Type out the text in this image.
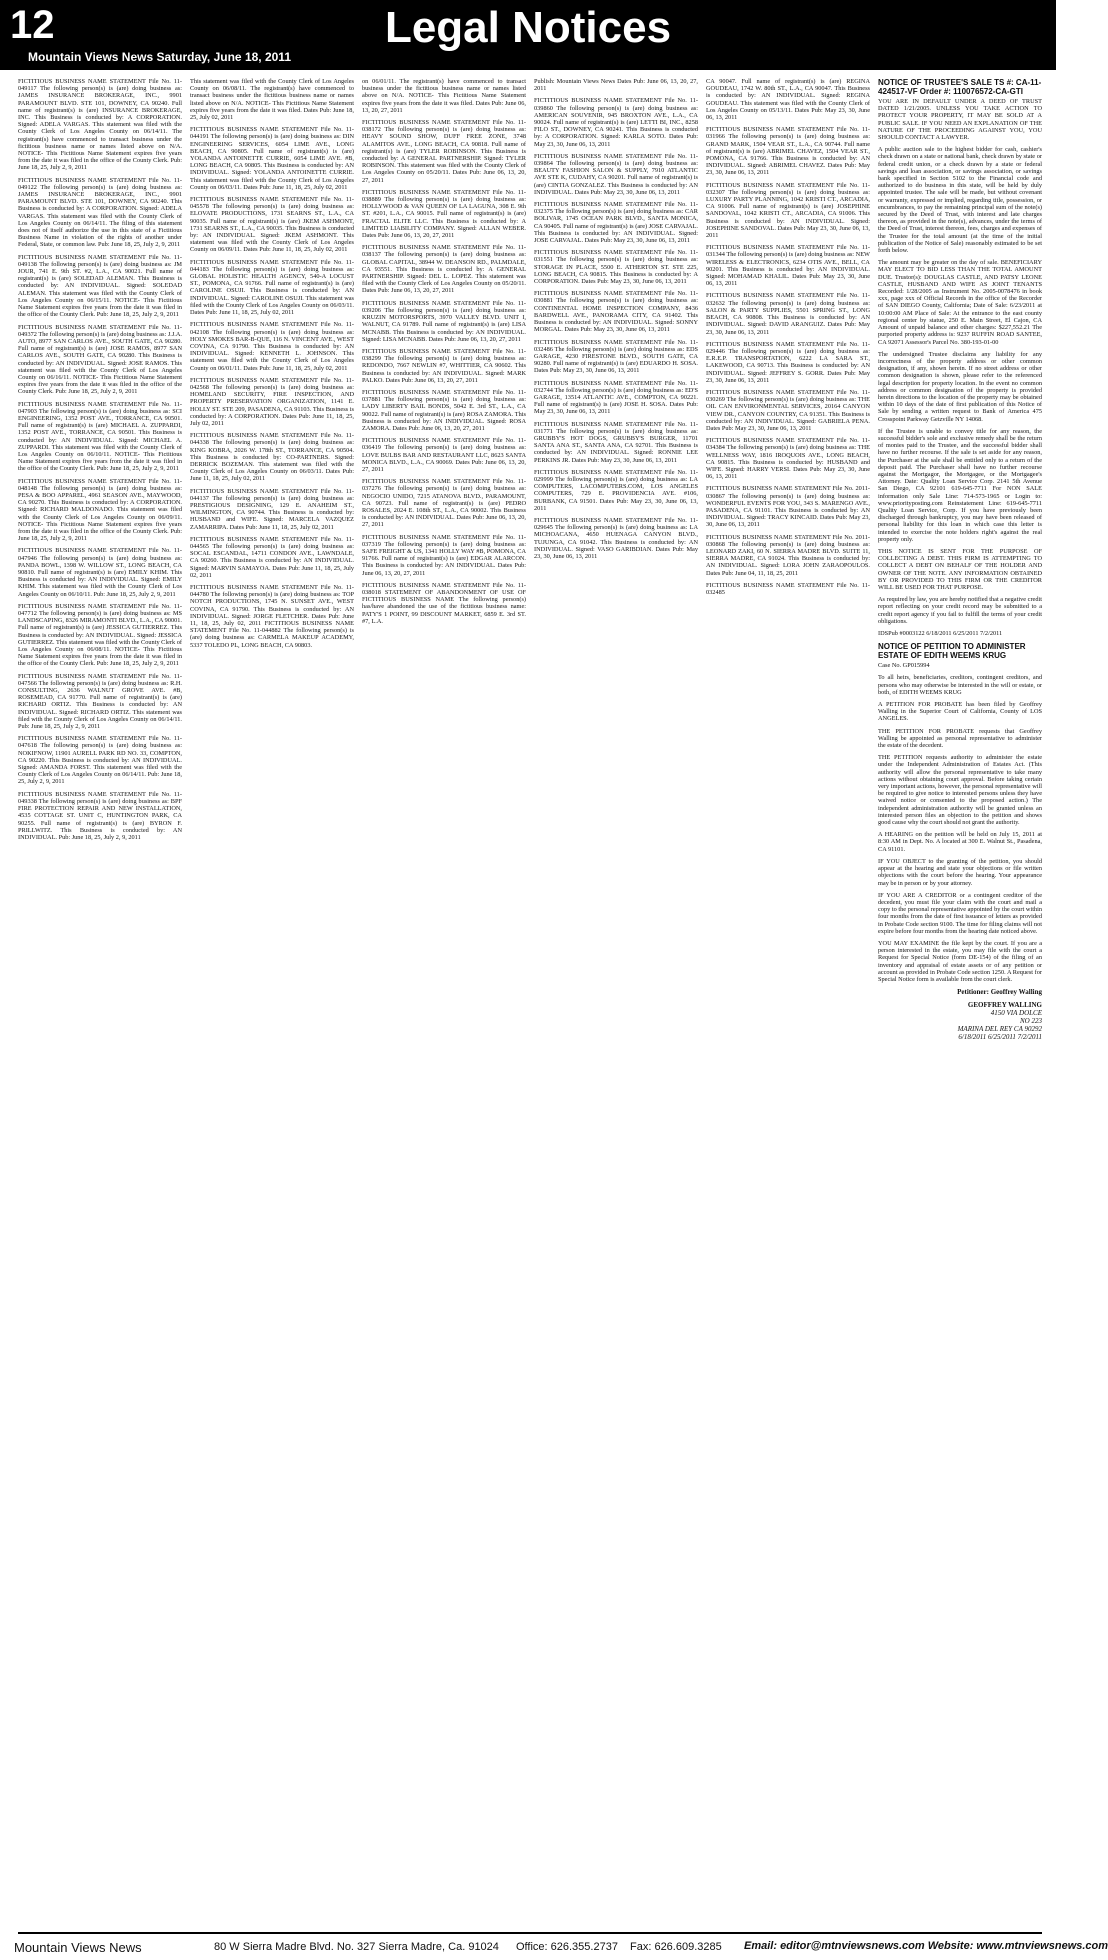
12	Legal Notices
Mountain Views News Saturday, June 18, 2011

FICTITIOUS BUSINESS NAME STATEMENT File No. 11-049117 The following person(s) is (are) doing business as: JAMES INSURANCE BROKERAGE, INC., 9901 PARAMOUNT BLVD. STE 101, DOWNEY, CA 90240. Full name of registrant(s) is (are) INSURANCE BROKERAGE, INC. This Business is conducted by: A CORPORATION. Signed: ADELA VARGAS. This statement was filed with the County Clerk of Los Angeles County on 06/14/11. The registrant(s) have commenced to transact business under the fictitious business name or names listed above on N/A. NOTICE- This Fictitious Name Statement expires five years from the date it was filed in the office of the County Clerk. Pub: June 18, 25, July 2, 9, 2011

FICTITIOUS BUSINESS NAME STATEMENT File No. 11-049122 The following person(s) is (are) doing business as: JAMES INSURANCE BROKERAGE, INC., 9901 PARAMOUNT BLVD. STE 101, DOWNEY, CA 90240. This Business is conducted by: A CORPORATION. Signed: ADELA VARGAS. This statement was filed with the County Clerk of Los Angeles County on 06/14/11. The filing of this statement does not of itself authorize the use in this state of a Fictitious Business Name in violation of the rights of another under Federal, State, or common law. Pub: June 18, 25, July 2, 9, 2011

FICTITIOUS BUSINESS NAME STATEMENT File No. 11-049138 The following person(s) is (are) doing business as: JM JOUR, 741 E. 9th ST. #2, L.A., CA 90021. Full name of registrant(s) is (are) SOLEDAD ALEMAN. This Business is conducted by: AN INDIVIDUAL. Signed: SOLEDAD ALEMAN. This statement was filed with the County Clerk of Los Angeles County on 06/15/11. NOTICE- This Fictitious Name Statement expires five years from the date it was filed in the office of the County Clerk. Pub: June 18, 25, July 2, 9, 2011

FICTITIOUS BUSINESS NAME STATEMENT File No. 11-049372 The following person(s) is (are) doing business as: J.J.A. AUTO, 8977 SAN CARLOS AVE., SOUTH GATE, CA 90280. Full name of registrant(s) is (are) JOSE RAMOS, 8977 SAN CARLOS AVE., SOUTH GATE, CA 90280. This Business is conducted by: AN INDIVIDUAL. Signed: JOSE RAMOS. This statement was filed with the County Clerk of Los Angeles County on 06/16/11. NOTICE- This Fictitious Name Statement expires five years from the date it was filed in the office of the County Clerk. Pub: June 18, 25, July 2, 9, 2011

FICTITIOUS BUSINESS NAME STATEMENT File No. 11-047903 The following person(s) is (are) doing business as: SCI ENGINEERING, 1352 POST AVE., TORRANCE, CA 90501. Full name of registrant(s) is (are) MICHAEL A. ZUPPARDI, 1352 POST AVE., TORRANCE, CA 90501. This Business is conducted by: AN INDIVIDUAL. Signed: MICHAEL A. ZUPPARDI. This statement was filed with the County Clerk of Los Angeles County on 06/10/11. NOTICE- This Fictitious Name Statement expires five years from the date it was filed in the office of the County Clerk. Pub: June 18, 25, July 2, 9, 2011

FICTITIOUS BUSINESS NAME STATEMENT File No. 11-048148 The following person(s) is (are) doing business as: PESA & BOO APPAREL, 4961 SEASON AVE., MAYWOOD, CA 90270. This Business is conducted by: A CORPORATION. Signed: RICHARD MALDONADO. This statement was filed with the County Clerk of Los Angeles County on 06/09/11. NOTICE- This Fictitious Name Statement expires five years from the date it was filed in the office of the County Clerk. Pub: June 18, 25, July 2, 9, 2011

FICTITIOUS BUSINESS NAME STATEMENT File No. 11-047946 The following person(s) is (are) doing business as: PANDA BOWL, 1398 W. WILLOW ST., LONG BEACH, CA 90810. Full name of registrant(s) is (are) EMILY KHIM. This Business is conducted by: AN INDIVIDUAL. Signed: EMILY KHIM. This statement was filed with the County Clerk of Los Angeles County on 06/10/11. Pub: June 18, 25, July 2, 9, 2011

FICTITIOUS BUSINESS NAME STATEMENT File No. 11-047712 The following person(s) is (are) doing business as: MS LANDSCAPING, 8326 MIRAMONTI BLVD., L.A., CA 90001. Full name of registrant(s) is (are) JESSICA GUTIERREZ. This Business is conducted by: AN INDIVIDUAL. Signed: JESSICA GUTIERREZ. This statement was filed with the County Clerk of Los Angeles County on 06/08/11. NOTICE- This Fictitious Name Statement expires five years from the date it was filed in the office of the County Clerk. Pub: June 18, 25, July 2, 9, 2011

FICTITIOUS BUSINESS NAME STATEMENT File No. 11-047566 The following person(s) is (are) doing business as: R.H. CONSULTING, 2636 WALNUT GROVE AVE. #B, ROSEMEAD, CA 91770. Full name of registrant(s) is (are) RICHARD ORTIZ. This Business is conducted by: AN INDIVIDUAL. Signed: RICHARD ORTIZ. This statement was filed with the County Clerk of Los Angeles County on 06/14/11. Pub: June 18, 25, July 2, 9, 2011

FICTITIOUS BUSINESS NAME STATEMENT File No. 11-047618 The following person(s) is (are) doing business as: NOKIFNOW, 11901 AURELL PARK RD NO. 33, COMPTON, CA 90220. This Business is conducted by: AN INDIVIDUAL. Signed: AMANDA FORST. This statement was filed with the County Clerk of Los Angeles County on 06/14/11. Pub: June 18, 25, July 2, 9, 2011

FICTITIOUS BUSINESS NAME STATEMENT File No. 11-049338 The following person(s) is (are) doing business as: BPF FIRE PROTECTION REPAIR AND NEW INSTALLATION, 4535 COTTAGE ST. UNIT C, HUNTINGTON PARK, CA 90255. Full name of registrant(s) is (are) BYRON F. PRILLWITZ. This Business is conducted by: AN INDIVIDUAL. Pub: June 18, 25, July 2, 9, 2011

This statement was filed with the County Clerk of Los Angeles County on 06/08/11. The registrant(s) have commenced to transact business under the fictitious business name or names listed above on N/A. NOTICE- This Fictitious Name Statement expires five years from the date it was filed. Dates Pub: June 18, 25, July 02, 2011

FICTITIOUS BUSINESS NAME STATEMENT File No. 11-044191 The following person(s) is (are) doing business as: DIN ENGINEERING SERVICES, 6054 LIME AVE., LONG BEACH, CA 90805. Full name of registrant(s) is (are) YOLANDA ANTOINETTE CURRIE, 6054 LIME AVE. #B, LONG BEACH, CA 90805. This Business is conducted by: AN INDIVIDUAL. Signed: YOLANDA ANTOINETTE CURRIE. This statement was filed with the County Clerk of Los Angeles County on 06/03/11. Dates Pub: June 11, 18, 25, July 02, 2011

FICTITIOUS BUSINESS NAME STATEMENT File No. 11-045578 The following person(s) is (are) doing business as: ELOVATE PRODUCTIONS, 1731 SEARNS ST., L.A., CA 90035. Full name of registrant(s) is (are) JKEM ASHMONT, 1731 SEARNS ST., L.A., CA 90035. This Business is conducted by: AN INDIVIDUAL. Signed: JKEM ASHMONT. This statement was filed with the County Clerk of Los Angeles County on 06/09/11. Dates Pub: June 11, 18, 25, July 02, 2011

FICTITIOUS BUSINESS NAME STATEMENT File No. 11-044183 The following person(s) is (are) doing business as: GLOBAL HOLISTIC HEALTH AGENCY, 540-A LOCUST ST., POMONA, CA 91766. Full name of registrant(s) is (are) CAROLINE OSUJI. This Business is conducted by: AN INDIVIDUAL. Signed: CAROLINE OSUJI. This statement was filed with the County Clerk of Los Angeles County on 06/03/11. Dates Pub: June 11, 18, 25, July 02, 2011

FICTITIOUS BUSINESS NAME STATEMENT File No. 11-042108 The following person(s) is (are) doing business as: HOLY SMOKES BAR-B-QUE, 116 N. VINCENT AVE., WEST COVINA, CA 91790. This Business is conducted by: AN INDIVIDUAL. Signed: KENNETH L. JOHNSON. This statement was filed with the County Clerk of Los Angeles County on 06/01/11. Dates Pub: June 11, 18, 25, July 02, 2011

FICTITIOUS BUSINESS NAME STATEMENT File No. 11-042568 The following person(s) is (are) doing business as: HOMELAND SECURITY, FIRE INSPECTION, AND PROPERTY PRESERVATION ORGANIZATION, 1141 E. HOLLY ST. STE 209, PASADENA, CA 91103. This Business is conducted by: A CORPORATION. Dates Pub: June 11, 18, 25, July 02, 2011

FICTITIOUS BUSINESS NAME STATEMENT File No. 11-044338 The following person(s) is (are) doing business as: KING KOBRA, 2026 W. 178th ST., TORRANCE, CA 90504. This Business is conducted by: CO-PARTNERS. Signed: DERRICK BOZEMAN. This statement was filed with the County Clerk of Los Angeles County on 06/03/11. Dates Pub: June 11, 18, 25, July 02, 2011

FICTITIOUS BUSINESS NAME STATEMENT File No. 11-044137 The following person(s) is (are) doing business as: PRESTIGIOUS DESIGNING, 129 E. ANAHEIM ST., WILMINGTON, CA 90744. This Business is conducted by: HUSBAND and WIFE. Signed: MARCELA VAZQUEZ ZAMARRIPA. Dates Pub: June 11, 18, 25, July 02, 2011

FICTITIOUS BUSINESS NAME STATEMENT File No. 11-044565 The following person(s) is (are) doing business as: SOCAL ESCANDAL, 14711 CONDON AVE., LAWNDALE, CA 90260. This Business is conducted by: AN INDIVIDUAL. Signed: MARVIN SAMAYOA. Dates Pub: June 11, 18, 25, July 02, 2011

FICTITIOUS BUSINESS NAME STATEMENT File No. 11-044780 The following person(s) is (are) doing business as: TOP NOTCH PRODUCTIONS, 1745 N. SUNSET AVE., WEST COVINA, CA 91790. This Business is conducted by: AN INDIVIDUAL. Signed: JORGE FLETCHER. Dates Pub: June 11, 18, 25, July 02, 2011 FICTITIOUS BUSINESS NAME STATEMENT File No. 11-044882 The following person(s) is (are) doing business as: CARMELA MAKEUP ACADEMY, 5337 TOLEDO PL, LONG BEACH, CA 90803.

on 06/01/11. The registrant(s) have commenced to transact business under the fictitious business name or names listed above on N/A. NOTICE- This Fictitious Name Statement expires five years from the date it was filed. Dates Pub: June 06, 13, 20, 27, 2011

FICTITIOUS BUSINESS NAME STATEMENT File No. 11-038172 The following person(s) is (are) doing business as: HEAVY SOUND SHOW, DUFF FREE ZONE, 3748 ALAMITOS AVE., LONG BEACH, CA 90818. Full name of registrant(s) is (are) TYLER ROBINSON. This Business is conducted by: A GENERAL PARTNERSHIP. Signed: TYLER ROBINSON. This statement was filed with the County Clerk of Los Angeles County on 05/20/11. Dates Pub: June 06, 13, 20, 27, 2011

FICTITIOUS BUSINESS NAME STATEMENT File No. 11-038889 The following person(s) is (are) doing business as: HOLLYWOOD & VAN QUEEN OF LA LAGUNA, 308 E. 9th ST. #201, L.A., CA 90015. Full name of registrant(s) is (are) FRACTAL ELITE LLC. This Business is conducted by: A LIMITED LIABILITY COMPANY. Signed: ALLAN WEBER. Dates Pub: June 06, 13, 20, 27, 2011

FICTITIOUS BUSINESS NAME STATEMENT File No. 11-038137 The following person(s) is (are) doing business as: GLOBAL CAPITAL, 38944 W. DEANSON RD., PALMDALE, CA 93551. This Business is conducted by: A GENERAL PARTNERSHIP. Signed: DEL L. LOPEZ. This statement was filed with the County Clerk of Los Angeles County on 05/20/11. Dates Pub: June 06, 13, 20, 27, 2011

FICTITIOUS BUSINESS NAME STATEMENT File No. 11-039206 The following person(s) is (are) doing business as: KRUZIN MOTORSPORTS, 3970 VALLEY BLVD. UNIT I, WALNUT, CA 91789. Full name of registrant(s) is (are) LISA MCNABB. This Business is conducted by: AN INDIVIDUAL. Signed: LISA MCNABB. Dates Pub: June 06, 13, 20, 27, 2011

FICTITIOUS BUSINESS NAME STATEMENT File No. 11-038299 The following person(s) is (are) doing business as: REDONDO, 7667 NEWLIN #7, WHITTIER, CA 90602. This Business is conducted by: AN INDIVIDUAL. Signed: MARK PALKO. Dates Pub: June 06, 13, 20, 27, 2011

FICTITIOUS BUSINESS NAME STATEMENT File No. 11-037881 The following person(s) is (are) doing business as: LADY LIBERTY BAIL BONDS, 5042 E. 3rd ST., L.A., CA 90022. Full name of registrant(s) is (are) ROSA ZAMORA. This Business is conducted by: AN INDIVIDUAL. Signed: ROSA ZAMORA. Dates Pub: June 06, 13, 20, 27, 2011

FICTITIOUS BUSINESS NAME STATEMENT File No. 11-036419 The following person(s) is (are) doing business as: LOVE BULBS BAR AND RESTAURANT LLC, 8623 SANTA MONICA BLVD., L.A., CA 90069. Dates Pub: June 06, 13, 20, 27, 2011

FICTITIOUS BUSINESS NAME STATEMENT File No. 11-037276 The following person(s) is (are) doing business as: NEGOCIO UNIDO, 7215 ATANOVA BLVD., PARAMOUNT, CA 90723. Full name of registrant(s) is (are) PEDRO ROSALES, 2024 E. 108th ST., L.A., CA 90002. This Business is conducted by: AN INDIVIDUAL. Dates Pub: June 06, 13, 20, 27, 2011

FICTITIOUS BUSINESS NAME STATEMENT File No. 11-037319 The following person(s) is (are) doing business as: SAFE FREIGHT & US, 1341 HOLLY WAY #B, POMONA, CA 91766. Full name of registrant(s) is (are) EDGAR ALARCON. This Business is conducted by: AN INDIVIDUAL. Dates Pub: June 06, 13, 20, 27, 2011

FICTITIOUS BUSINESS NAME STATEMENT File No. 11-038018 STATEMENT OF ABANDONMENT OF USE OF FICTITIOUS BUSINESS NAME The following person(s) has/have abandoned the use of the fictitious business name: PATY'S 1 POINT, 99 DISCOUNT MARKET, 6859 E. 3rd ST. #7, L.A.

Publish: Mountain Views News Dates Pub: June 06, 13, 20, 27, 2011

FICTITIOUS BUSINESS NAME STATEMENT File No. 11-039860 The following person(s) is (are) doing business as: AMERICAN SOUVENIR, 945 BROXTON AVE., L.A., CA 90024. Full name of registrant(s) is (are) LETTI BI, INC., 8258 FILO ST., DOWNEY, CA 90241. This Business is conducted by: A CORPORATION. Signed: KARLA SOTO. Dates Pub: May 23, 30, June 06, 13, 2011

FICTITIOUS BUSINESS NAME STATEMENT File No. 11-039864 The following person(s) is (are) doing business as: BEAUTY FASHION SALON & SUPPLY, 7910 ATLANTIC AVE STE K, CUDAHY, CA 90201. Full name of registrant(s) is (are) CINTIA GONZALEZ. This Business is conducted by: AN INDIVIDUAL. Dates Pub: May 23, 30, June 06, 13, 2011

FICTITIOUS BUSINESS NAME STATEMENT File No. 11-032375 The following person(s) is (are) doing business as: CAR BOLIVAR, 1745 OCEAN PARK BLVD., SANTA MONICA, CA 90405. Full name of registrant(s) is (are) JOSE CARVAJAL. This Business is conducted by: AN INDIVIDUAL. Signed: JOSE CARVAJAL. Dates Pub: May 23, 30, June 06, 13, 2011

FICTITIOUS BUSINESS NAME STATEMENT File No. 11-031551 The following person(s) is (are) doing business as: STORAGE IN PLACE, 5500 E. ATHERTON ST. STE 225, LONG BEACH, CA 90815. This Business is conducted by: A CORPORATION. Dates Pub: May 23, 30, June 06, 13, 2011

FICTITIOUS BUSINESS NAME STATEMENT File No. 11-030881 The following person(s) is (are) doing business as: CONTINENTAL HOME INSPECTION COMPANY, 8436 BARDWELL AVE., PANORAMA CITY, CA 91402. This Business is conducted by: AN INDIVIDUAL. Signed: SONNY MORGAL. Dates Pub: May 23, 30, June 06, 13, 2011

FICTITIOUS BUSINESS NAME STATEMENT File No. 11-032486 The following person(s) is (are) doing business as: EDS GARAGE, 4230 FIRESTONE BLVD., SOUTH GATE, CA 90280. Full name of registrant(s) is (are) EDUARDO H. SOSA. Dates Pub: May 23, 30, June 06, 13, 2011

FICTITIOUS BUSINESS NAME STATEMENT File No. 11-032744 The following person(s) is (are) doing business as: ED'S GARAGE, 13514 ATLANTIC AVE., COMPTON, CA 90221. Full name of registrant(s) is (are) JOSE H. SOSA. Dates Pub: May 23, 30, June 06, 13, 2011

FICTITIOUS BUSINESS NAME STATEMENT File No. 11-031771 The following person(s) is (are) doing business as: GRUBBY'S HOT DOGS, GRUBBY'S BURGER, 11701 SANTA ANA ST., SANTA ANA, CA 92701. This Business is conducted by: AN INDIVIDUAL. Signed: RONNIE LEE PERKINS JR. Dates Pub: May 23, 30, June 06, 13, 2011

FICTITIOUS BUSINESS NAME STATEMENT File No. 11-029999 The following person(s) is (are) doing business as: LA COMPUTERS, LACOMPUTERS.COM, LOS ANGELES COMPUTERS, 729 E. PROVIDENCIA AVE. #106, BURBANK, CA 91501. Dates Pub: May 23, 30, June 06, 13, 2011

FICTITIOUS BUSINESS NAME STATEMENT File No. 11-029645 The following person(s) is (are) doing business as: LA MICHOACANA, 4650 HUENAGA CANYON BLVD., TUJUNGA, CA 91042. This Business is conducted by: AN INDIVIDUAL. Signed: VASO GARIBDIAN. Dates Pub: May 23, 30, June 06, 13, 2011

CA 90047. Full name of registrant(s) is (are) REGINA GOUDEAU, 1742 W. 80th ST., L.A., CA 90047. This Business is conducted by: AN INDIVIDUAL. Signed: REGINA GOUDEAU. This statement was filed with the County Clerk of Los Angeles County on 05/13/11. Dates Pub: May 23, 30, June 06, 13, 2011

FICTITIOUS BUSINESS NAME STATEMENT File No. 11-031966 The following person(s) is (are) doing business as: GRAND MARK, 1504 VEAR ST., L.A., CA 90744. Full name of registrant(s) is (are) ABRIMEL CHAVEZ, 1504 VEAR ST., POMONA, CA 91766. This Business is conducted by: AN INDIVIDUAL. Signed: ABRIMEL CHAVEZ. Dates Pub: May 23, 30, June 06, 13, 2011

FICTITIOUS BUSINESS NAME STATEMENT File No. 11-032307 The following person(s) is (are) doing business as: LUXURY PARTY PLANNING, 1042 KRISTI CT., ARCADIA, CA 91006. Full name of registrant(s) is (are) JOSEPHINE SANDOVAL, 1042 KRISTI CT., ARCADIA, CA 91006. This Business is conducted by: AN INDIVIDUAL. Signed: JOSEPHINE SANDOVAL. Dates Pub: May 23, 30, June 06, 13, 2011

FICTITIOUS BUSINESS NAME STATEMENT File No. 11-031344 The following person(s) is (are) doing business as: NEW WIRELESS & ELECTRONICS, 6234 OTIS AVE., BELL, CA 90201. This Business is conducted by: AN INDIVIDUAL. Signed: MOHAMAD KHALIL. Dates Pub: May 23, 30, June 06, 13, 2011

FICTITIOUS BUSINESS NAME STATEMENT File No. 11-032632 The following person(s) is (are) doing business as: SALON & PARTY SUPPLIES, 5501 SPRING ST., LONG BEACH, CA 90808. This Business is conducted by: AN INDIVIDUAL. Signed: DAVID ARANGUIZ. Dates Pub: May 23, 30, June 06, 13, 2011

FICTITIOUS BUSINESS NAME STATEMENT File No. 11-029446 The following person(s) is (are) doing business as: E.R.E.P. TRANSPORTATION, 6222 LA SARA ST., LAKEWOOD, CA 90713. This Business is conducted by: AN INDIVIDUAL. Signed: JEFFREY S. GORR. Dates Pub: May 23, 30, June 06, 13, 2011

FICTITIOUS BUSINESS NAME STATEMENT File No. 11-030269 The following person(s) is (are) doing business as: THE OIL CAN ENVIRONMENTAL SERVICES, 20164 CANYON VIEW DR., CANYON COUNTRY, CA 91351. This Business is conducted by: AN INDIVIDUAL. Signed: GABRIELA PENA. Dates Pub: May 23, 30, June 06, 13, 2011

FICTITIOUS BUSINESS NAME STATEMENT File No. 11-034384 The following person(s) is (are) doing business as: THE WELLNESS WAY, 1816 IROQUOIS AVE., LONG BEACH, CA 90815. This Business is conducted by: HUSBAND and WIFE. Signed: HARRY VERSI. Dates Pub: May 23, 30, June 06, 13, 2011

FICTITIOUS BUSINESS NAME STATEMENT File No. 2011-030867 The following person(s) is (are) doing business as: WONDERFUL EVENTS FOR YOU, 343 S. MARENGO AVE., PASADENA, CA 91101. This Business is conducted by: AN INDIVIDUAL. Signed: TRACY KINCAID. Dates Pub: May 23, 30, June 06, 13, 2011

FICTITIOUS BUSINESS NAME STATEMENT File No. 2011-030868 The following person(s) is (are) doing business as: LEONARD ZAKI, 60 N. SIERRA MADRE BLVD. SUITE 11, SIERRA MADRE, CA 91024. This Business is conducted by: AN INDIVIDUAL. Signed: LORA JOHN ZARAOPOULOS. Dates Pub: June 04, 11, 18, 25, 2011

FICTITIOUS BUSINESS NAME STATEMENT File No. 11-032485

NOTICE OF TRUSTEE'S SALE TS #: CA-11-424517-VF Order #: 110076572-CA-GTI

YOU ARE IN DEFAULT UNDER A DEED OF TRUST DATED 1/21/2005. UNLESS YOU TAKE ACTION TO PROTECT YOUR PROPERTY, IT MAY BE SOLD AT A PUBLIC SALE. IF YOU NEED AN EXPLANATION OF THE NATURE OF THE PROCEEDING AGAINST YOU, YOU SHOULD CONTACT A LAWYER.

A public auction sale to the highest bidder for cash, cashier's check drawn on a state or national bank, check drawn by state or federal credit union, or a check drawn by a state or federal savings and loan association, or savings association, or savings bank specified in Section 5102 to the Financial code and authorized to do business in this state, will be held by duly appointed trustee. The sale will be made, but without covenant or warranty, expressed or implied, regarding title, possession, or encumbrances, to pay the remaining principal sum of the note(s) secured by the Deed of Trust, with interest and late charges thereon, as provided in the note(s), advances, under the terms of the Deed of Trust, interest thereon, fees, charges and expenses of the Trustee for the total amount (at the time of the initial publication of the Notice of Sale) reasonably estimated to be set forth below.

The amount may be greater on the day of sale. BENEFICIARY MAY ELECT TO BID LESS THAN THE TOTAL AMOUNT DUE. Trustor(s): DOUGLAS CASTLE, AND PATSY LEONE CASTLE, HUSBAND AND WIFE AS JOINT TENANTS Recorded: 1/28/2005 as Instrument No. 2005-0078476 in book xxx, page xxx of Official Records in the office of the Recorder of SAN DIEGO County, California; Date of Sale: 6/23/2011 at 10:00:00 AM Place of Sale: At the entrance to the east county regional center by statue, 250 E. Main Street, El Cajon, CA Amount of unpaid balance and other charges: $227,552.21 The purported property address is: 9237 RUFFIN ROAD SANTEE, CA 92071 Assessor's Parcel No. 380-193-01-00

The undersigned Trustee disclaims any liability for any incorrectness of the property address or other common designation, if any, shown herein. If no street address or other common designation is shown, please refer to the referenced legal description for property location. In the event no common address or common designation of the property is provided herein directions to the location of the property may be obtained within 10 days of the date of first publication of this Notice of Sale by sending a written request to Bank of America 475 Crosspoint Parkway Getzville NY 14068.

If the Trustee is unable to convey title for any reason, the successful bidder's sole and exclusive remedy shall be the return of monies paid to the Trustee, and the successful bidder shall have no further recourse. If the sale is set aside for any reason, the Purchaser at the sale shall be entitled only to a return of the deposit paid. The Purchaser shall have no further recourse against the Mortgagor, the Mortgagee, or the Mortgagee's Attorney. Date: Quality Loan Service Corp. 2141 5th Avenue San Diego, CA 92101 619-645-7711 For NON SALE information only Sale Line: 714-573-1965 or Login to: www.priorityposting.com Reinstatement Line: 619-645-7711 Quality Loan Service, Corp. If you have previously been discharged through bankruptcy, you may have been released of personal liability for this loan in which case this letter is intended to exercise the note holders right's against the real property only.

THIS NOTICE IS SENT FOR THE PURPOSE OF COLLECTING A DEBT. THIS FIRM IS ATTEMPTING TO COLLECT A DEBT ON BEHALF OF THE HOLDER AND OWNER OF THE NOTE. ANY INFORMATION OBTAINED BY OR PROVIDED TO THIS FIRM OR THE CREDITOR WILL BE USED FOR THAT PURPOSE.

As required by law, you are hereby notified that a negative credit report reflecting on your credit record may be submitted to a credit report agency if you fail to fulfill the terms of your credit obligations.

IDSPub #0003122 6/18/2011 6/25/2011 7/2/2011

NOTICE OF PETITION TO ADMINISTER ESTATE OF EDITH WEEMS KRUG

Case No. GP015994

To all heirs, beneficiaries, creditors, contingent creditors, and persons who may otherwise be interested in the will or estate, or both, of EDITH WEEMS KRUG

A PETITION FOR PROBATE has been filed by Geoffrey Walling in the Superior Court of California, County of LOS ANGELES.

THE PETITION FOR PROBATE requests that Geoffrey Walling be appointed as personal representative to administer the estate of the decedent.

THE PETITION requests authority to administer the estate under the Independent Administration of Estates Act. (This authority will allow the personal representative to take many actions without obtaining court approval. Before taking certain very important actions, however, the personal representative will be required to give notice to interested persons unless they have waived notice or consented to the proposed action.) The independent administration authority will be granted unless an interested person files an objection to the petition and shows good cause why the court should not grant the authority.

A HEARING on the petition will be held on July 15, 2011 at 8:30 AM in Dept. No. A located at 300 E. Walnut St., Pasadena, CA 91101.

IF YOU OBJECT to the granting of the petition, you should appear at the hearing and state your objections or file written objections with the court before the hearing. Your appearance may be in person or by your attorney.

IF YOU ARE A CREDITOR or a contingent creditor of the decedent, you must file your claim with the court and mail a copy to the personal representative appointed by the court within four months from the date of first issuance of letters as provided in Probate Code section 9100. The time for filing claims will not expire before four months from the hearing date noticed above.

YOU MAY EXAMINE the file kept by the court. If you are a person interested in the estate, you may file with the court a Request for Special Notice (form DE-154) of the filing of an inventory and appraisal of estate assets or of any petition or account as provided in Probate Code section 1250. A Request for Special Notice form is available from the court clerk.

Petitioner: Geoffrey Walling

GEOFFREY WALLING
4150 VIA DOLCE
NO 223
MARINA DEL REY CA 90292
6/18/2011 6/25/2011 7/2/2011
Mountain Views News	80 W Sierra Madre Blvd. No. 327 Sierra Madre, Ca. 91024 Office: 626.355.2737 Fax: 626.609.3285 Email: editor@mtnviewsnews.com Website: www.mtnviewsnews.com
